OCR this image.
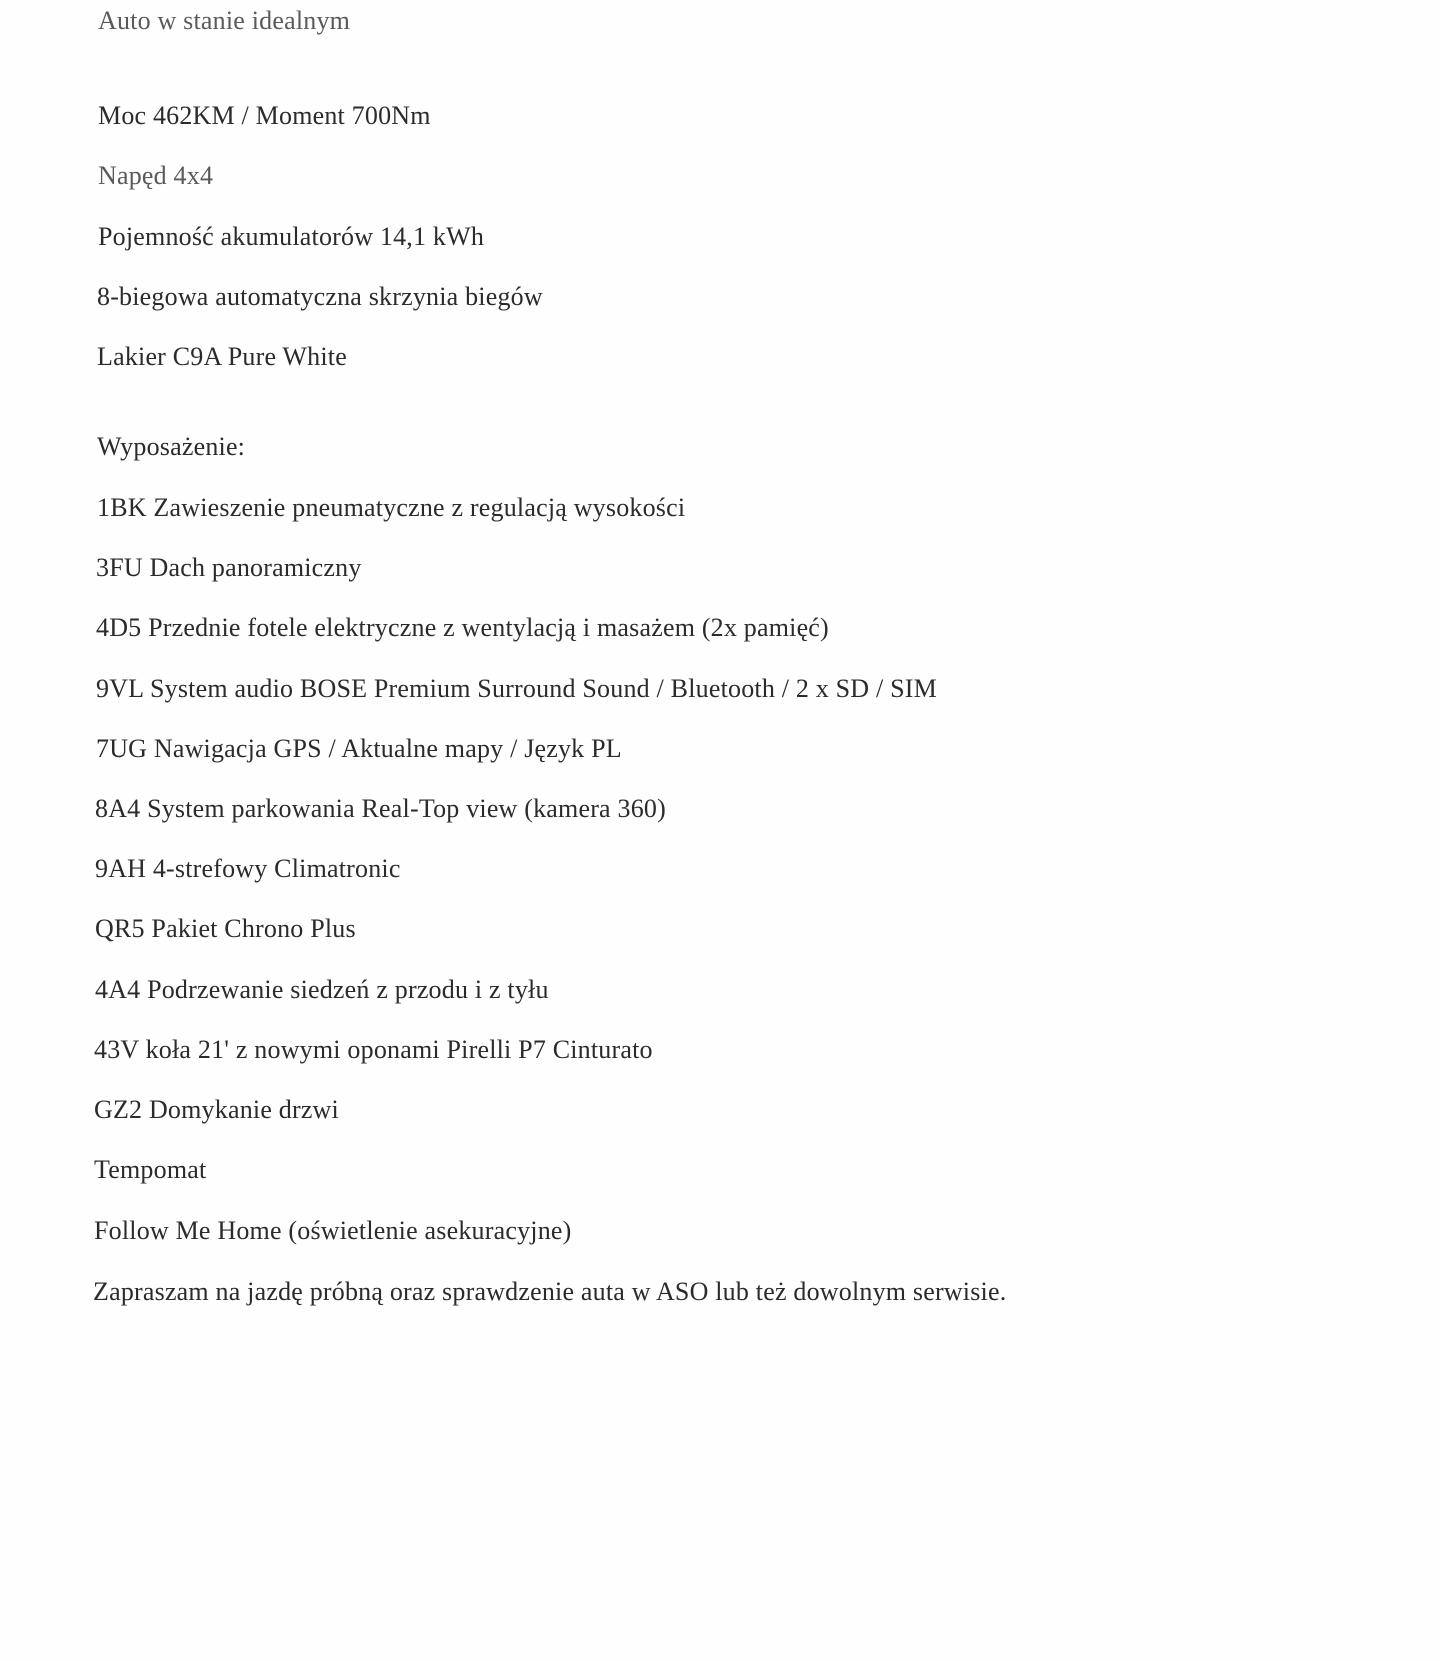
Auto w stanie idealnym
Moc 462KM / Moment 700Nm
Napęd 4x4
Pojemność akumulatorów 14,1 kWh
8-biegowa automatyczna skrzynia biegów
Lakier C9A Pure White
Wyposażenie:
1BK Zawieszenie pneumatyczne z regulacją wysokości
3FU Dach panoramiczny
4D5 Przednie fotele elektryczne z wentylacją i masażem (2x pamięć)
9VL System audio BOSE Premium Surround Sound / Bluetooth / 2 x SD / SIM
7UG Nawigacja GPS / Aktualne mapy / Język PL
8A4 System parkowania Real-Top view (kamera 360)
9AH 4-strefowy Climatronic
QR5 Pakiet Chrono Plus
4A4 Podrzewanie siedzeń z przodu i z tyłu
43V koła 21' z nowymi oponami Pirelli P7 Cinturato
GZ2 Domykanie drzwi
Tempomat
Follow Me Home (oświetlenie asekuracyjne)
Zapraszam na jazdę próbną oraz sprawdzenie auta w ASO lub też dowolnym serwisie.
